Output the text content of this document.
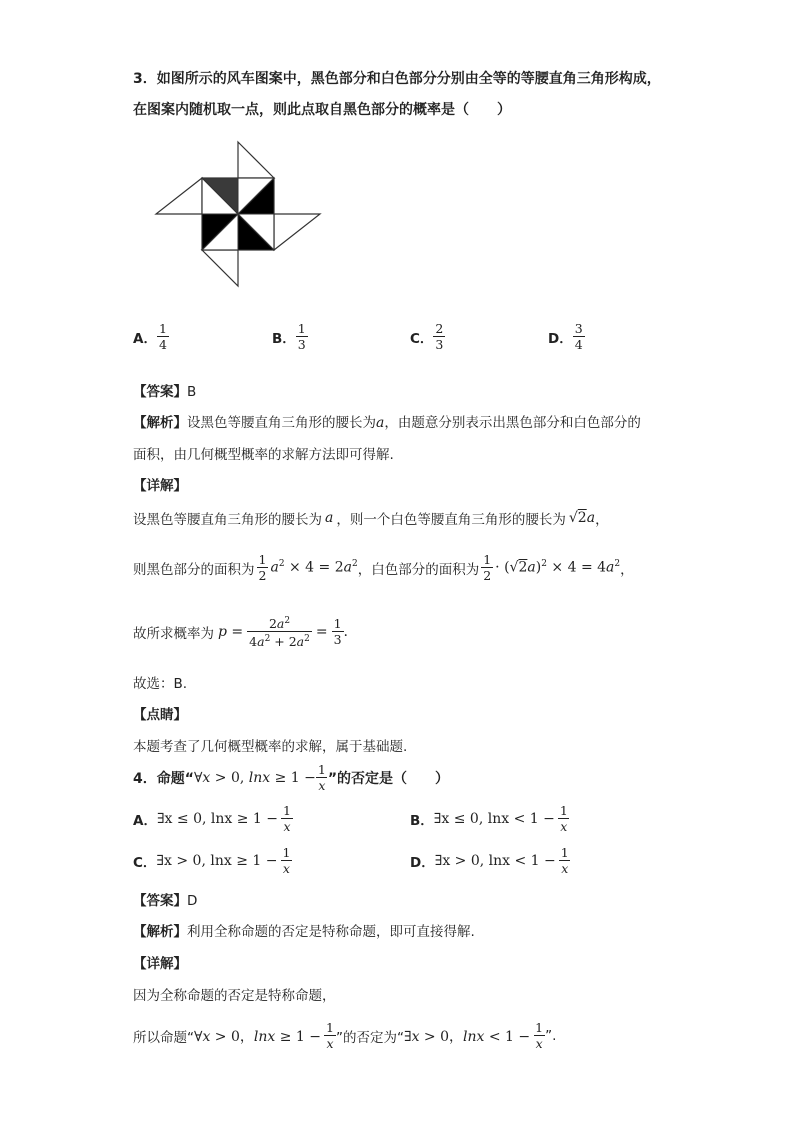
3．如图所示的风车图案中，黑色部分和白色部分分别由全等的等腰直角三角形构成，
在图案内随机取一点，则此点取自黑色部分的概率是（　　）
A． $\frac{1}{4}$	B． $\frac{1}{3}$	C． $\frac{2}{3}$	D． $\frac{3}{4}$
【答案】B
【解析】设黑色等腰直角三角形的腰长为a，由题意分别表示出黑色部分和白色部分的
面积，由几何概型概率的求解方法即可得解.
【详解】
设黑色等腰直角三角形的腰长为 a ，则一个白色等腰直角三角形的腰长为 √2a ，
则黑色部分的面积为 $\frac{1}{2} a^2 \times 4 = 2a^2$ ，白色部分的面积为 $\frac{1}{2} \cdot (√2a)^2 \times 4 = 4a^2$ ，
故所求概率为 $p = \frac{2a^2}{4a^2 + 2a^2} = \frac{1}{3}$ .
故选：B.
【点睛】
本题考查了几何概型概率的求解，属于基础题.
4． 命题“ ∀x > 0, $\ln x \ge 1 - \frac{1}{x}$ ”的否定是（　　）
A． ∃x ≤ 0, $\ln x \ge 1 - \frac{1}{x}$	B． ∃x ≤ 0, $\ln x < 1 - \frac{1}{x}$
C． ∃x > 0, $\ln x \ge 1 - \frac{1}{x}$	D． ∃x > 0, $\ln x < 1 - \frac{1}{x}$
【答案】D
【解析】利用全称命题的否定是特称命题，即可直接得解.
【详解】
因为全称命题的否定是特称命题，
所以命题“ ∀x > 0，$\ln x \ge 1 - \frac{1}{x}$ ”的否定为“ ∃x > 0，$\ln x < 1 - \frac{1}{x}$ ”.
